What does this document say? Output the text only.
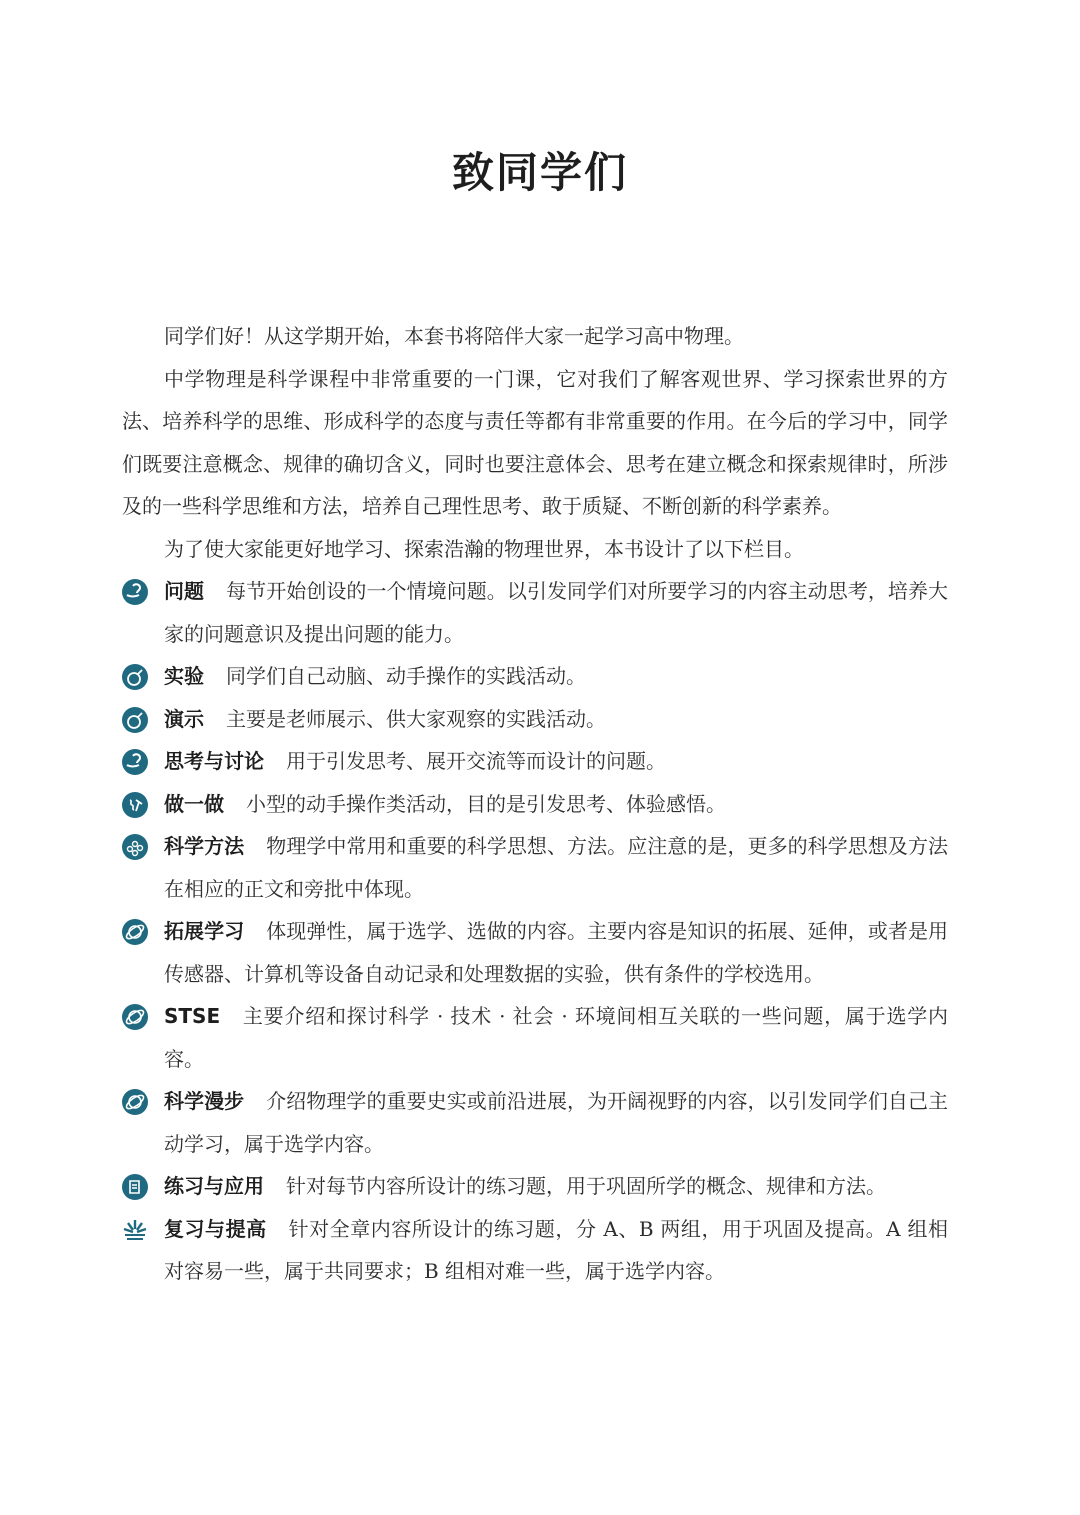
致同学们

同学们好！从这学期开始，本套书将陪伴大家一起学习高中物理。

中学物理是科学课程中非常重要的一门课，它对我们了解客观世界、学习探索世界的方法、培养科学的思维、形成科学的态度与责任等都有非常重要的作用。在今后的学习中，同学们既要注意概念、规律的确切含义，同时也要注意体会、思考在建立概念和探索规律时，所涉及的一些科学思维和方法，培养自己理性思考、敢于质疑、不断创新的科学素养。

为了使大家能更好地学习、探索浩瀚的物理世界，本书设计了以下栏目。

问题 每节开始创设的一个情境问题。以引发同学们对所要学习的内容主动思考，培养大家的问题意识及提出问题的能力。

实验 同学们自己动脑、动手操作的实践活动。

演示 主要是老师展示、供大家观察的实践活动。

思考与讨论 用于引发思考、展开交流等而设计的问题。

做一做 小型的动手操作类活动，目的是引发思考、体验感悟。

科学方法 物理学中常用和重要的科学思想、方法。应注意的是，更多的科学思想及方法在相应的正文和旁批中体现。

拓展学习 体现弹性，属于选学、选做的内容。主要内容是知识的拓展、延伸，或者是用传感器、计算机等设备自动记录和处理数据的实验，供有条件的学校选用。

STSE 主要介绍和探讨科学 · 技术 · 社会 · 环境间相互关联的一些问题，属于选学内容。

科学漫步 介绍物理学的重要史实或前沿进展，为开阔视野的内容，以引发同学们自己主动学习，属于选学内容。

练习与应用 针对每节内容所设计的练习题，用于巩固所学的概念、规律和方法。

复习与提高 针对全章内容所设计的练习题，分 A、B 两组，用于巩固及提高。A 组相对容易一些，属于共同要求；B 组相对难一些，属于选学内容。
